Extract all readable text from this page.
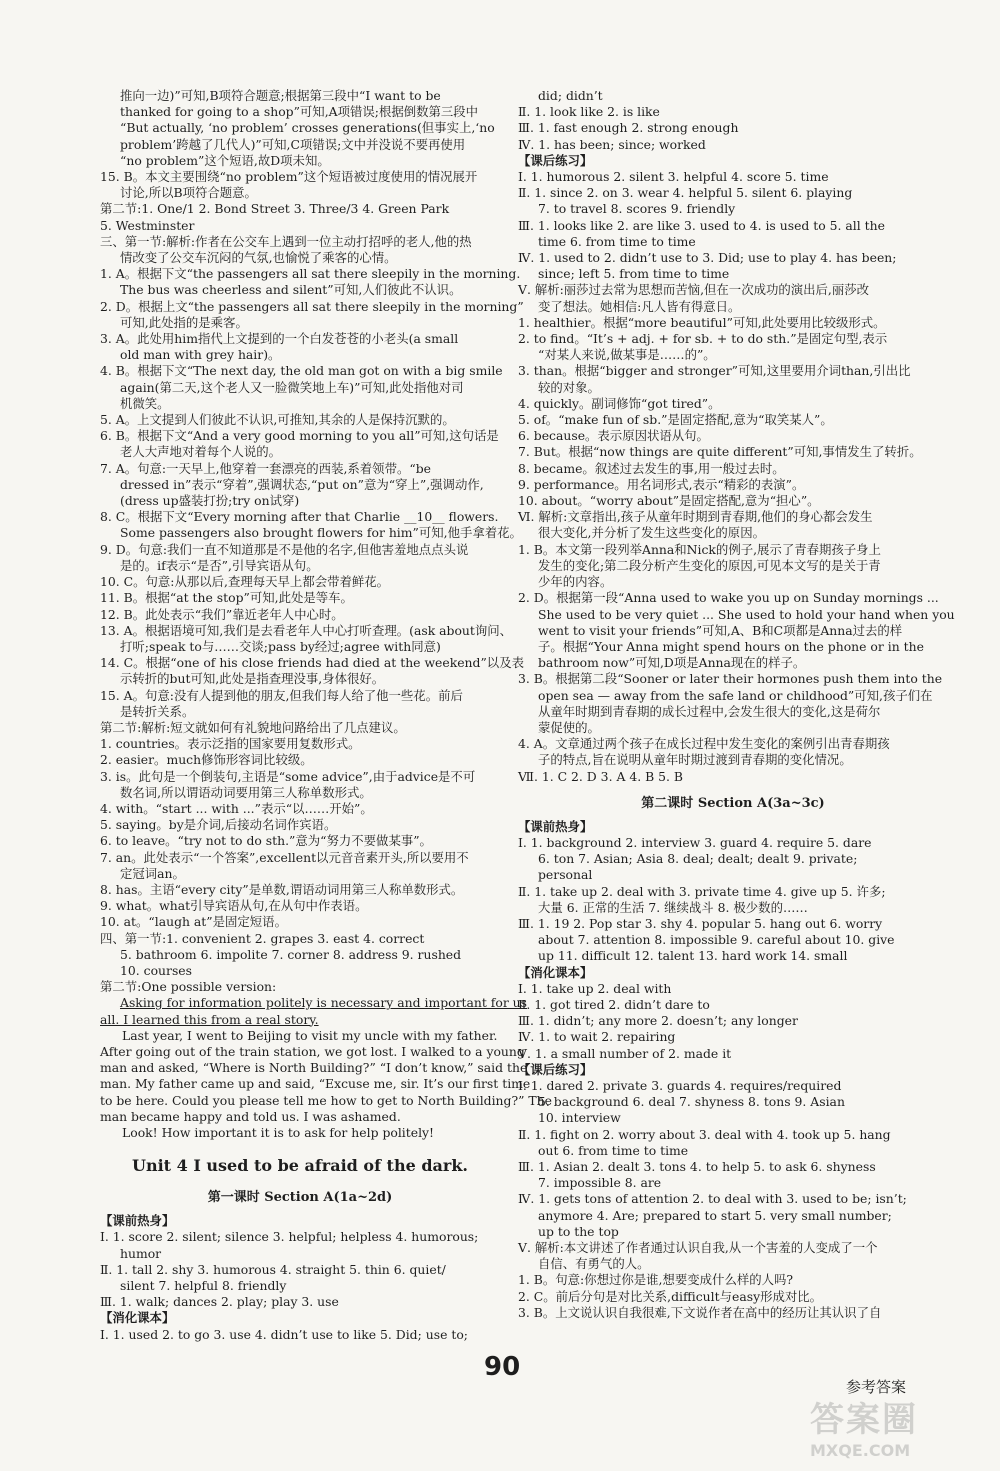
推向一边)”可知,B项符合题意;根据第三段中“I want to be
thanked for going to a shop”可知,A项错误;根据倒数第三段中
“But actually, ‘no problem’ crosses generations(但事实上,‘no
problem’跨越了几代人)”可知,C项错误;文中并没说不要再使用
“no problem”这个短语,故D项未知。
15. B。本文主要围绕“no problem”这个短语被过度使用的情况展开
讨论,所以B项符合题意。
第二节:1. One/1 2. Bond Street 3. Three/3 4. Green Park
5. Westminster
三、第一节:解析:作者在公交车上遇到一位主动打招呼的老人,他的热
情改变了公交车沉闷的气氛,也愉悦了乘客的心情。
1. A。根据下文“the passengers all sat there sleepily in the morning.
The bus was cheerless and silent”可知,人们彼此不认识。
2. D。根据上文“the passengers all sat there sleepily in the morning”
可知,此处指的是乘客。
3. A。此处用him指代上文提到的一个白发苍苍的小老头(a small
old man with grey hair)。
4. B。根据下文“The next day, the old man got on with a big smile
again(第二天,这个老人又一脸微笑地上车)”可知,此处指他对司
机微笑。
5. A。上文提到人们彼此不认识,可推知,其余的人是保持沉默的。
6. B。根据下文“And a very good morning to you all”可知,这句话是
老人大声地对着每个人说的。
7. A。句意:一天早上,他穿着一套漂亮的西装,系着领带。“be
dressed in”表示“穿着”,强调状态,“put on”意为“穿上”,强调动作,
(dress up盛装打扮;try on试穿)
8. C。根据下文“Every morning after that Charlie __10__ flowers.
Some passengers also brought flowers for him”可知,他手拿着花。
9. D。句意:我们一直不知道那是不是他的名字,但他害羞地点点头说
是的。if表示“是否”,引导宾语从句。
10. C。句意:从那以后,查理每天早上都会带着鲜花。
11. B。根据“at the stop”可知,此处是等车。
12. B。此处表示“我们”靠近老年人中心时。
13. A。根据语境可知,我们是去看老年人中心打听查理。(ask about询问、
打听;speak to与……交谈;pass by经过;agree with同意)
14. C。根据“one of his close friends had died at the weekend”以及表
示转折的but可知,此处是指查理没事,身体很好。
15. A。句意:没有人提到他的朋友,但我们每人给了他一些花。前后
是转折关系。
第二节:解析:短文就如何有礼貌地问路给出了几点建议。
1. countries。表示泛指的国家要用复数形式。
2. easier。much修饰形容词比较级。
3. is。此句是一个倒装句,主语是“some advice”,由于advice是不可
数名词,所以谓语动词要用第三人称单数形式。
4. with。“start ... with ...”表示“以……开始”。
5. saying。by是介词,后接动名词作宾语。
6. to leave。“try not to do sth.”意为“努力不要做某事”。
7. an。此处表示“一个答案”,excellent以元音音素开头,所以要用不
定冠词an。
8. has。主语“every city”是单数,谓语动词用第三人称单数形式。
9. what。what引导宾语从句,在从句中作表语。
10. at。“laugh at”是固定短语。
四、第一节:1. convenient 2. grapes 3. east 4. correct
5. bathroom 6. impolite 7. corner 8. address 9. rushed
10. courses
第二节:One possible version:
Asking for information politely is necessary and important for us
all. I learned this from a real story.
Last year, I went to Beijing to visit my uncle with my father.
After going out of the train station, we got lost. I walked to a young
man and asked, “Where is North Building?” “I don’t know,” said the
man. My father came up and said, “Excuse me, sir. It’s our first time
to be here. Could you please tell me how to get to North Building?” The
man became happy and told us. I was ashamed.
Look! How important it is to ask for help politely!
Unit 4 I used to be afraid of the dark.
第一课时 Section A(1a~2d)
【课前热身】
Ⅰ. 1. score 2. silent; silence 3. helpful; helpless 4. humorous;
humor
Ⅱ. 1. tall 2. shy 3. humorous 4. straight 5. thin 6. quiet/
silent 7. helpful 8. friendly
Ⅲ. 1. walk; dances 2. play; play 3. use
【消化课本】
Ⅰ. 1. used 2. to go 3. use 4. didn’t use to like 5. Did; use to;
did; didn’t
Ⅱ. 1. look like 2. is like
Ⅲ. 1. fast enough 2. strong enough
Ⅳ. 1. has been; since; worked
【课后练习】
Ⅰ. 1. humorous 2. silent 3. helpful 4. score 5. time
Ⅱ. 1. since 2. on 3. wear 4. helpful 5. silent 6. playing
7. to travel 8. scores 9. friendly
Ⅲ. 1. looks like 2. are like 3. used to 4. is used to 5. all the
time 6. from time to time
Ⅳ. 1. used to 2. didn’t use to 3. Did; use to play 4. has been;
since; left 5. from time to time
Ⅴ. 解析:丽莎过去常为思想而苦恼,但在一次成功的演出后,丽莎改
变了想法。她相信:凡人皆有得意日。
1. healthier。根据“more beautiful”可知,此处要用比较级形式。
2. to find。“It’s + adj. + for sb. + to do sth.”是固定句型,表示
“对某人来说,做某事是……的”。
3. than。根据“bigger and stronger”可知,这里要用介词than,引出比
较的对象。
4. quickly。副词修饰“got tired”。
5. of。“make fun of sb.”是固定搭配,意为“取笑某人”。
6. because。表示原因状语从句。
7. But。根据“now things are quite different”可知,事情发生了转折。
8. became。叙述过去发生的事,用一般过去时。
9. performance。用名词形式,表示“精彩的表演”。
10. about。“worry about”是固定搭配,意为“担心”。
Ⅵ. 解析:文章指出,孩子从童年时期到青春期,他们的身心都会发生
很大变化,并分析了发生这些变化的原因。
1. B。本文第一段列举Anna和Nick的例子,展示了青春期孩子身上
发生的变化;第二段分析产生变化的原因,可见本文写的是关于青
少年的内容。
2. D。根据第一段“Anna used to wake you up on Sunday mornings ...
She used to be very quiet ... She used to hold your hand when you
went to visit your friends”可知,A、B和C项都是Anna过去的样
子。根据“Your Anna might spend hours on the phone or in the
bathroom now”可知,D项是Anna现在的样子。
3. B。根据第二段“Sooner or later their hormones push them into the
open sea — away from the safe land or childhood”可知,孩子们在
从童年时期到青春期的成长过程中,会发生很大的变化,这是荷尔
蒙促使的。
4. A。文章通过两个孩子在成长过程中发生变化的案例引出青春期孩
子的特点,旨在说明从童年时期过渡到青春期的变化情况。
Ⅶ. 1. C 2. D 3. A 4. B 5. B
第二课时 Section A(3a~3c)
【课前热身】
Ⅰ. 1. background 2. interview 3. guard 4. require 5. dare
6. ton 7. Asian; Asia 8. deal; dealt; dealt 9. private;
personal
Ⅱ. 1. take up 2. deal with 3. private time 4. give up 5. 许多;
大量 6. 正常的生活 7. 继续战斗 8. 极少数的……
Ⅲ. 1. 19 2. Pop star 3. shy 4. popular 5. hang out 6. worry
about 7. attention 8. impossible 9. careful about 10. give
up 11. difficult 12. talent 13. hard work 14. small
【消化课本】
Ⅰ. 1. take up 2. deal with
Ⅱ. 1. got tired 2. didn’t dare to
Ⅲ. 1. didn’t; any more 2. doesn’t; any longer
Ⅳ. 1. to wait 2. repairing
Ⅴ. 1. a small number of 2. made it
【课后练习】
Ⅰ. 1. dared 2. private 3. guards 4. requires/required
5. background 6. deal 7. shyness 8. tons 9. Asian
10. interview
Ⅱ. 1. fight on 2. worry about 3. deal with 4. took up 5. hang
out 6. from time to time
Ⅲ. 1. Asian 2. dealt 3. tons 4. to help 5. to ask 6. shyness
7. impossible 8. are
Ⅳ. 1. gets tons of attention 2. to deal with 3. used to be; isn’t;
anymore 4. Are; prepared to start 5. very small number;
up to the top
Ⅴ. 解析:本文讲述了作者通过认识自我,从一个害羞的人变成了一个
自信、有勇气的人。
1. B。句意:你想过你是谁,想要变成什么样的人吗?
2. C。前后分句是对比关系,difficult与easy形成对比。
3. B。上文说认识自我很难,下文说作者在高中的经历让其认识了自
90
参考答案
答案圈
MXQE.COM
